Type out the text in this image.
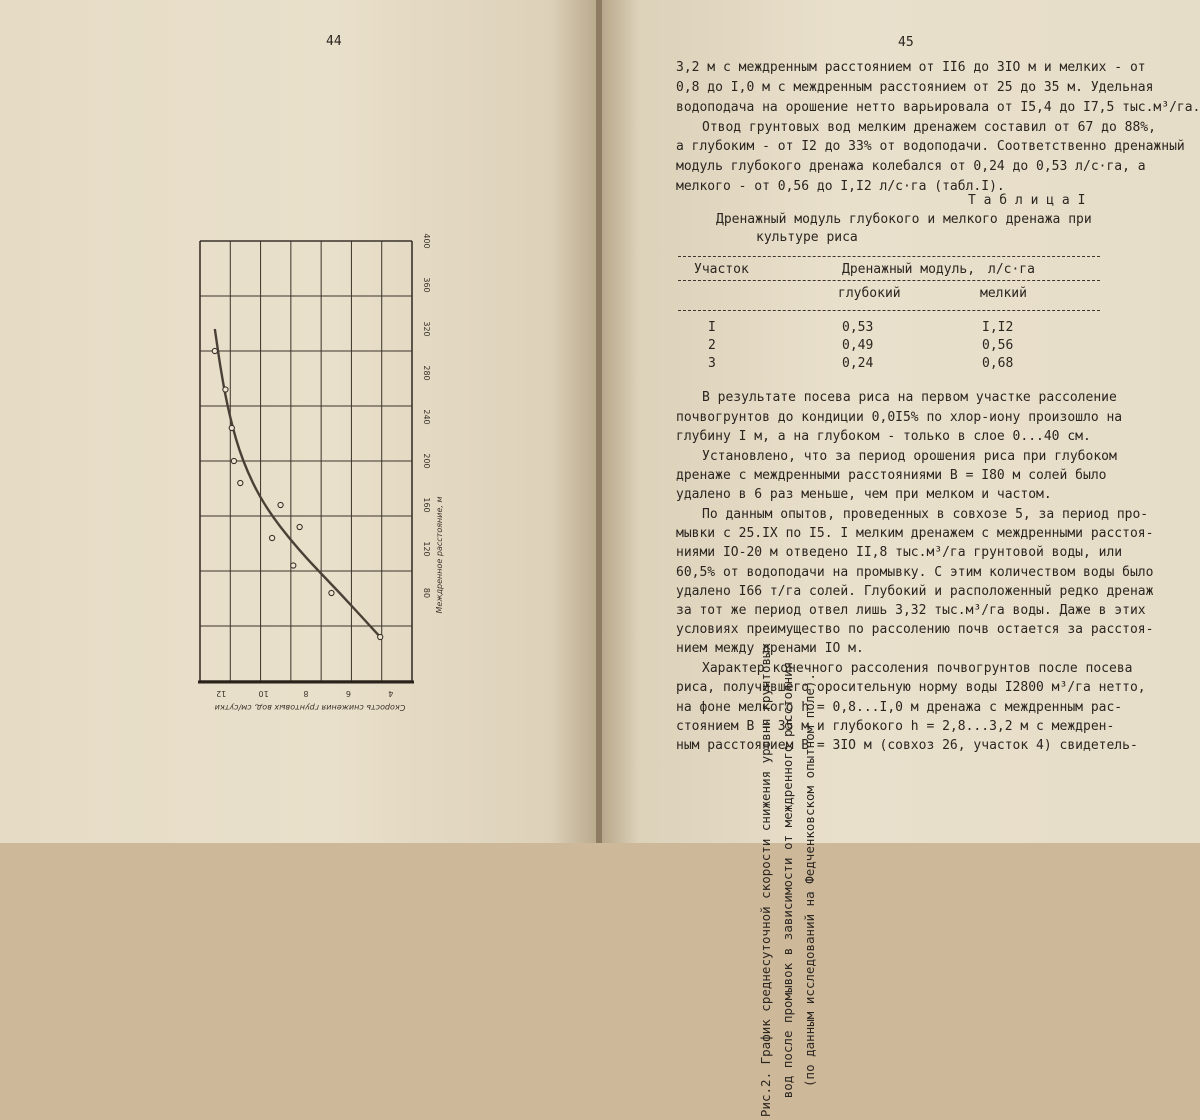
44
80
120
160
200
240
280
320
360
400
4
6
8
10
12
Междренное расстояние, м
Скорость снижения грунтовых вод, см/сутки	Рис.2. График среднесуточной скорости снижения уровня грунтовых вод после промывок в зависимости от междренного расстояния (по данным исследований на Федченковском опытном поле).
45
3,2 м с междренным расстоянием от II6 до 3IO м и мелких - от
0,8 до I,0 м с междренным расстоянием от 25 до 35 м. Удельная
водоподача на орошение нетто варьировала от I5,4 до I7,5 тыс.м³/га.
Отвод грунтовых вод мелким дренажем составил от 67 до 88%,
а глубоким - от I2 до 33% от водоподачи. Соответственно дренажный
модуль глубокого дренажа колебался от 0,24 до 0,53 л/с·га, а
мелкого - от 0,56 до I,I2 л/с·га (табл.I).
Т а б л и ц а I
Дренажный модуль глубокого и мелкого дренажа при
культуре риса
Участок	Дренажный модуль, л/с·га
глубокий	мелкий
I	0,53	I,I2
2	0,49	0,56
3	0,24	0,68
В результате посева риса на первом участке рассоление
почвогрунтов до кондиции 0,0I5% по хлор-иону произошло на
глубину I м, а на глубоком - только в слое 0...40 см.
Установлено, что за период орошения риса при глубоком
дренаже с междренными расстояниями B = I80 м солей было
удалено в 6 раз меньше, чем при мелком и частом.
По данным опытов, проведенных в совхозе 5, за период про-
мывки с 25.IX по I5. I мелким дренажем с междренными расстоя-
ниями IO-20 м отведено II,8 тыс.м³/га грунтовой воды, или
60,5% от водоподачи на промывку. С этим количеством воды было
удалено I66 т/га солей. Глубокий и расположенный редко дренаж
за тот же период отвел лишь 3,32 тыс.м³/га воды. Даже в этих
условиях преимущество по рассолению почв остается за расстоя-
нием между дренами IO м.
Характер конечного рассоления почвогрунтов после посева
риса, получившего оросительную норму воды I2800 м³/га нетто,
на фоне мелкого h = 0,8...I,0 м дренажа с междренным рас-
стоянием B = 35 м и глубокого h = 2,8...3,2 м с междрен-
ным расстоянием B = 3IO м (совхоз 26, участок 4) свидетель-
